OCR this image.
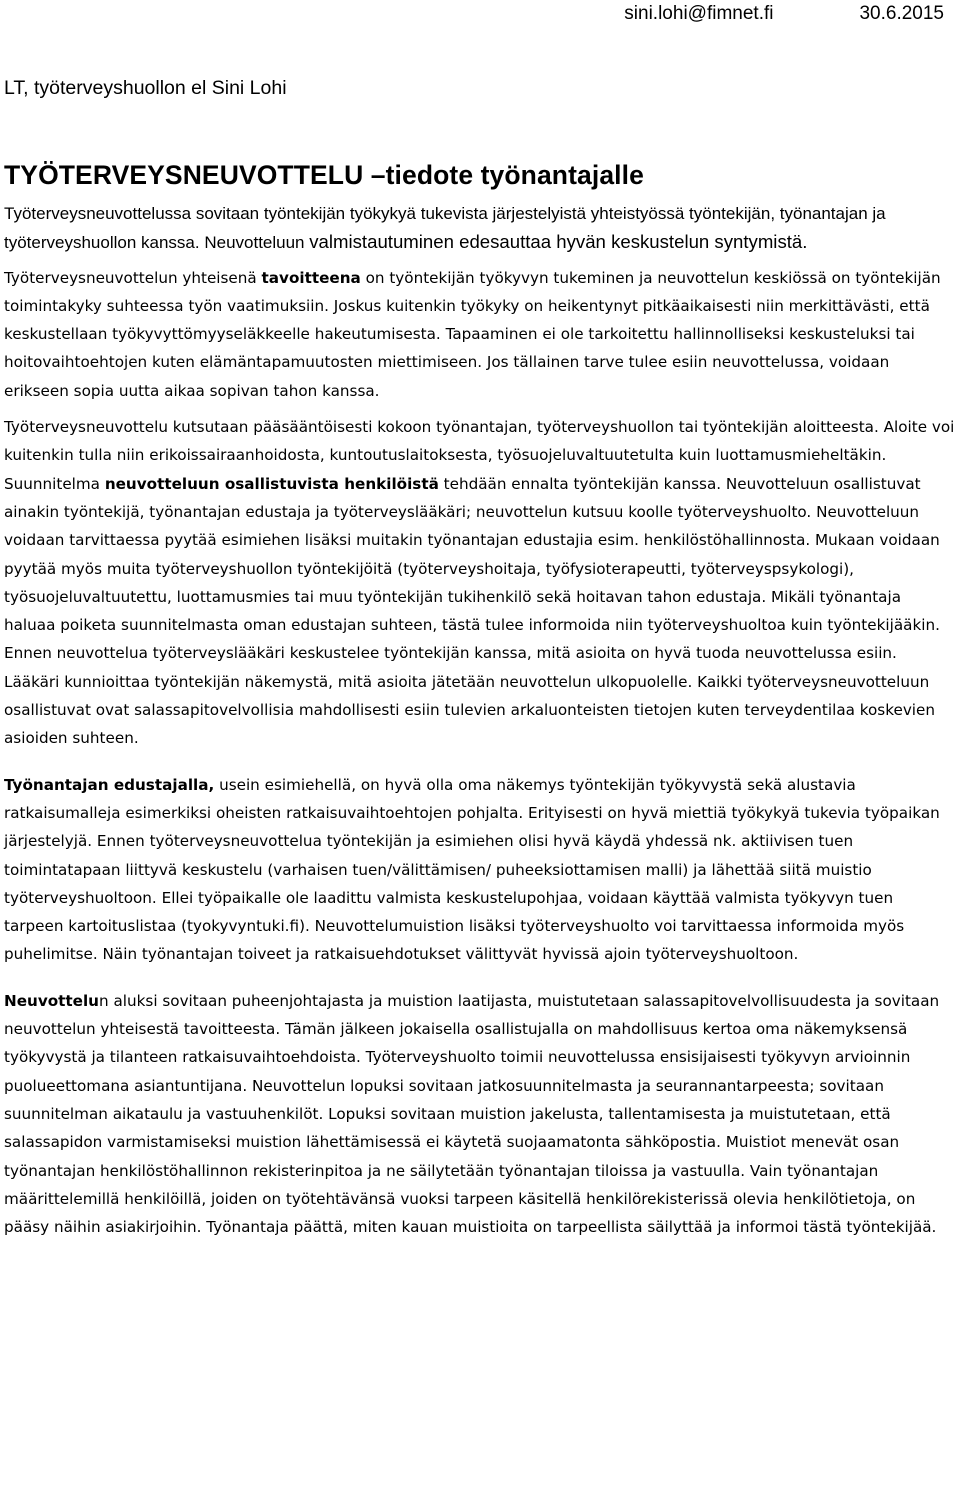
sini.lohi@fimnet.fi	30.6.2015
LT, työterveyshuollon el Sini Lohi
TYÖTERVEYSNEUVOTTELU –tiedote työnantajalle

Työterveysneuvottelussa sovitaan työntekijän työkykyä tukevista järjestelyistä yhteistyössä työntekijän, työnantajan ja työterveyshuollon kanssa. Neuvotteluun valmistautuminen edesauttaa hyvän keskustelun syntymistä.

Työterveysneuvottelun yhteisenä tavoitteena on työntekijän työkyvyn tukeminen ja neuvottelun keskiössä on työntekijän toimintakyky suhteessa työn vaatimuksiin. Joskus kuitenkin työkyky on heikentynyt pitkäaikaisesti niin merkittävästi, että keskustellaan työkyvyttömyyseläkkeelle hakeutumisesta. Tapaaminen ei ole tarkoitettu hallinnolliseksi keskusteluksi tai hoitovaihtoehtojen kuten elämäntapamuutosten miettimiseen. Jos tällainen tarve tulee esiin neuvottelussa, voidaan erikseen sopia uutta aikaa sopivan tahon kanssa.

Työterveysneuvottelu kutsutaan pääsääntöisesti kokoon työnantajan, työterveyshuollon tai työntekijän aloitteesta. Aloite voi kuitenkin tulla niin erikoissairaanhoidosta, kuntoutuslaitoksesta, työsuojeluvaltuutetulta kuin luottamusmieheltäkin. Suunnitelma neuvotteluun osallistuvista henkilöistä tehdään ennalta työntekijän kanssa. Neuvotteluun osallistuvat ainakin työntekijä, työnantajan edustaja ja työterveyslääkäri; neuvottelun kutsuu koolle työterveyshuolto. Neuvotteluun voidaan tarvittaessa pyytää esimiehen lisäksi muitakin työnantajan edustajia esim. henkilöstöhallinnosta. Mukaan voidaan pyytää myös muita työterveyshuollon työntekijöitä (työterveyshoitaja, työfysioterapeutti, työterveyspsykologi), työsuojeluvaltuutettu, luottamusmies tai muu työntekijän tukihenkilö sekä hoitavan tahon edustaja. Mikäli työnantaja haluaa poiketa suunnitelmasta oman edustajan suhteen, tästä tulee informoida niin työterveyshuoltoa kuin työntekijääkin. Ennen neuvottelua työterveyslääkäri keskustelee työntekijän kanssa, mitä asioita on hyvä tuoda neuvottelussa esiin. Lääkäri kunnioittaa työntekijän näkemystä, mitä asioita jätetään neuvottelun ulkopuolelle. Kaikki työterveysneuvotteluun osallistuvat ovat salassapitovelvollisia mahdollisesti esiin tulevien arkaluonteisten tietojen kuten terveydentilaa koskevien asioiden suhteen.

Työnantajan edustajalla, usein esimiehellä, on hyvä olla oma näkemys työntekijän työkyvystä sekä alustavia ratkaisumalleja esimerkiksi oheisten ratkaisuvaihtoehtojen pohjalta. Erityisesti on hyvä miettiä työkykyä tukevia työpaikan järjestelyjä. Ennen työterveysneuvottelua työntekijän ja esimiehen olisi hyvä käydä yhdessä nk. aktiivisen tuen toimintatapaan liittyvä keskustelu (varhaisen tuen/välittämisen/ puheeksiottamisen malli) ja lähettää siitä muistio työterveyshuoltoon. Ellei työpaikalle ole laadittu valmista keskustelupohjaa, voidaan käyttää valmista työkyvyn tuen tarpeen kartoituslistaa (tyokyvyntuki.fi). Neuvottelumuistion lisäksi työterveyshuolto voi tarvittaessa informoida myös puhelimitse. Näin työnantajan toiveet ja ratkaisuehdotukset välittyvät hyvissä ajoin työterveyshuoltoon.

Neuvottelun aluksi sovitaan puheenjohtajasta ja muistion laatijasta, muistutetaan salassapitovelvollisuudesta ja sovitaan neuvottelun yhteisestä tavoitteesta. Tämän jälkeen jokaisella osallistujalla on mahdollisuus kertoa oma näkemyksensä työkyvystä ja tilanteen ratkaisuvaihtoehdoista. Työterveyshuolto toimii neuvottelussa ensisijaisesti työkyvyn arvioinnin puolueettomana asiantuntijana. Neuvottelun lopuksi sovitaan jatkosuunnitelmasta ja seurannantarpeesta; sovitaan suunnitelman aikataulu ja vastuuhenkilöt. Lopuksi sovitaan muistion jakelusta, tallentamisesta ja muistutetaan, että salassapidon varmistamiseksi muistion lähettämisessä ei käytetä suojaamatonta sähköpostia. Muistiot menevät osan työnantajan henkilöstöhallinnon rekisterinpitoa ja ne säilytetään työnantajan tiloissa ja vastuulla. Vain työnantajan määrittelemillä henkilöillä, joiden on työtehtävänsä vuoksi tarpeen käsitellä henkilörekisterissä olevia henkilötietoja, on pääsy näihin asiakirjoihin. Työnantaja päättä, miten kauan muistioita on tarpeellista säilyttää ja informoi tästä työntekijää.
